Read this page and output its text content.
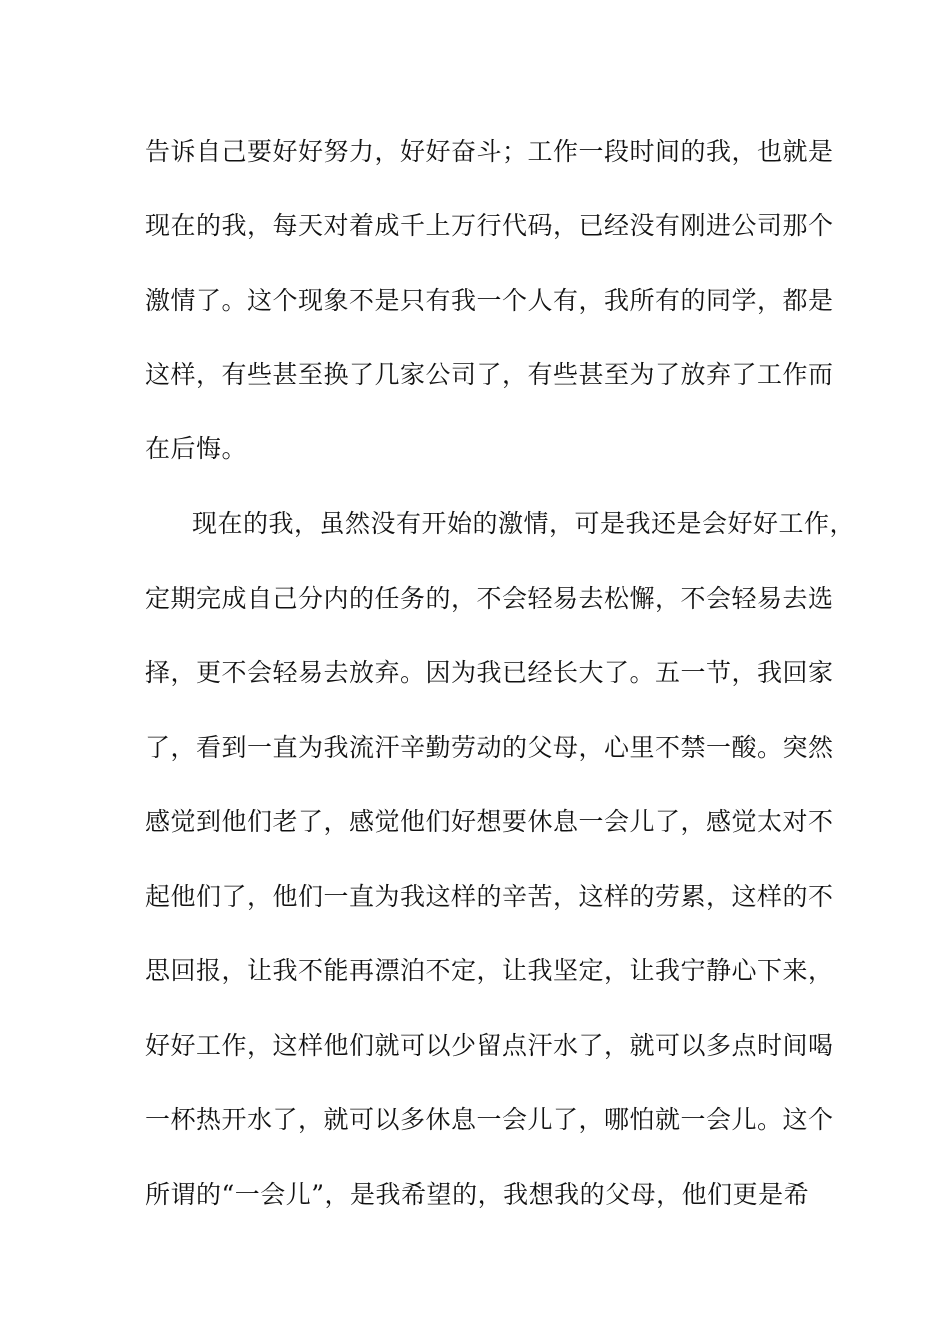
告诉自己要好好努力，好好奋斗；工作一段时间的我，也就是
现在的我，每天对着成千上万行代码，已经没有刚进公司那个
激情了。这个现象不是只有我一个人有，我所有的同学，都是
这样，有些甚至换了几家公司了，有些甚至为了放弃了工作而
在后悔。
现在的我，虽然没有开始的激情，可是我还是会好好工作，
定期完成自己分内的任务的，不会轻易去松懈，不会轻易去选
择，更不会轻易去放弃。因为我已经长大了。五一节，我回家
了，看到一直为我流汗辛勤劳动的父母，心里不禁一酸。突然
感觉到他们老了，感觉他们好想要休息一会儿了，感觉太对不
起他们了，他们一直为我这样的辛苦，这样的劳累，这样的不
思回报，让我不能再漂泊不定，让我坚定，让我宁静心下来，
好好工作，这样他们就可以少留点汗水了，就可以多点时间喝
一杯热开水了，就可以多休息一会儿了，哪怕就一会儿。这个
所谓的“一会儿”，是我希望的，我想我的父母，他们更是希
